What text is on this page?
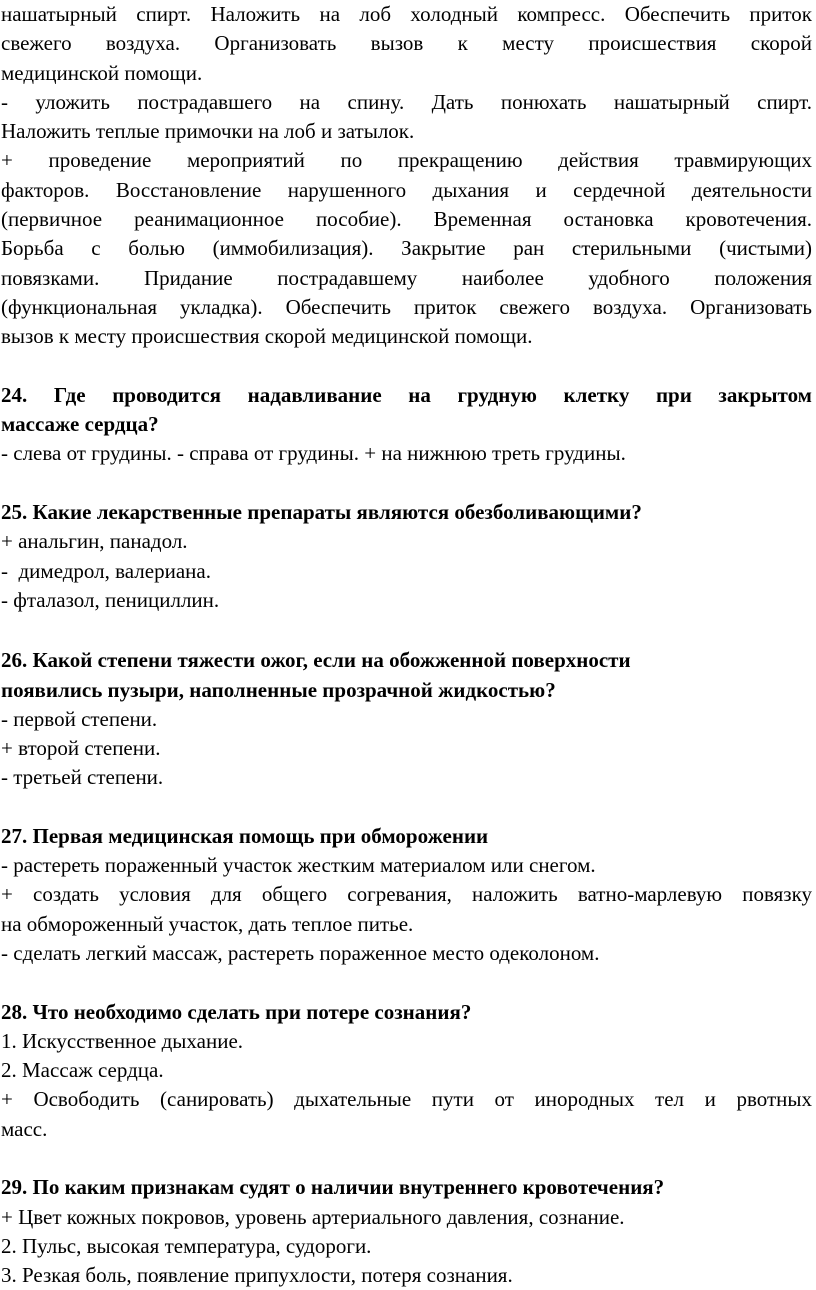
нашатырный спирт. Наложить на лоб холодный компресс. Обеспечить приток
свежего воздуха. Организовать вызов к месту происшествия скорой
медицинской помощи.
- уложить пострадавшего на спину. Дать понюхать нашатырный спирт.
Наложить теплые примочки на лоб и затылок.
+ проведение мероприятий по прекращению действия травмирующих
факторов. Восстановление нарушенного дыхания и сердечной деятельности
(первичное реанимационное пособие). Временная остановка кровотечения.
Борьба с болью (иммобилизация). Закрытие ран стерильными (чистыми)
повязками. Придание пострадавшему наиболее удобного положения
(функциональная укладка). Обеспечить приток свежего воздуха. Организовать
вызов к месту происшествия скорой медицинской помощи.
24. Где проводится надавливание на грудную клетку при закрытом
массаже сердца?
- слева от грудины. - справа от грудины. + на нижнюю треть грудины.
25. Какие лекарственные препараты являются обезболивающими?
+ анальгин, панадол.
-  димедрол, валериана.
- фталазол, пенициллин.
26. Какой степени тяжести ожог, если на обожженной поверхности
появились пузыри, наполненные прозрачной жидкостью?
- первой степени.
+ второй степени.
- третьей степени.
27. Первая медицинская помощь при обморожении
- растереть пораженный участок жестким материалом или снегом.
+ создать условия для общего согревания, наложить ватно-марлевую повязку
на обмороженный участок, дать теплое питье.
- сделать легкий массаж, растереть пораженное место одеколоном.
28. Что необходимо сделать при потере сознания?
1. Искусственное дыхание.
2. Массаж сердца.
+ Освободить (санировать) дыхательные пути от инородных тел и рвотных
масс.
29. По каким признакам судят о наличии внутреннего кровотечения?
+ Цвет кожных покровов, уровень артериального давления, сознание.
2. Пульс, высокая температура, судороги.
3. Резкая боль, появление припухлости, потеря сознания.
